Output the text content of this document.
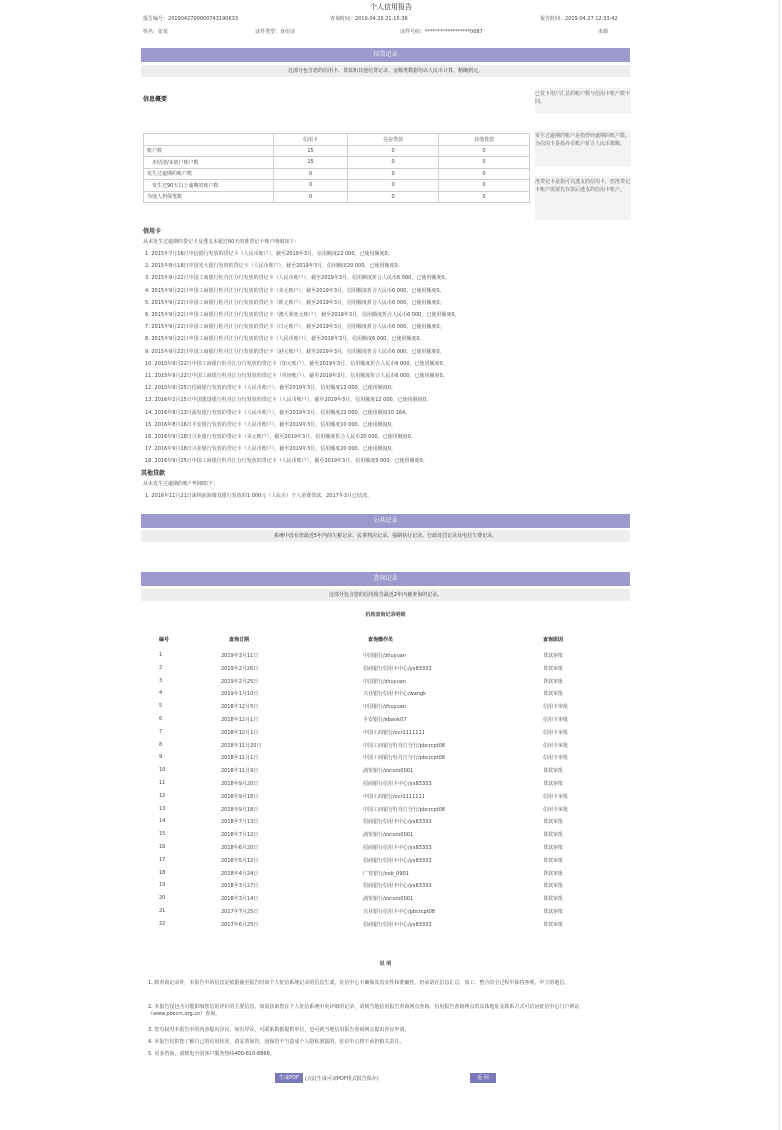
个人信用报告
报告编号：2019042700000743190633	查询时间：2019.04.26 21:15:36	报告时间：2019.04.27 12:33:42
姓名：张某	证件类型：身份证	证件号码：******************0087	未婚
信贷记录
这部分包含您的信用卡、贷款和其他信贷记录。金额类数据均以人民币计算，精确到元。
信息概要
已发卡用户汇总的账户数与信用卡账户数不同。
发生过逾期的账户是指曾经逾期的账户数。为信用卡是指外币账户折合人民币数额。
准贷记卡是指可以透支的信用卡，但准贷记卡账户需要先存款后透支的信用卡账户。
	信用卡	住房贷款	其他贷款
账户数	15	0	0
未结清/未销户账户数	15	0	0
发生过逾期的账户数	0	0	0
发生过90天以上逾期的账户数	0	0	0
为他人担保笔数	0	0	0
信用卡
从未发生过逾期的贷记卡及透支未超过60天的准贷记卡账户明细如下：
1. 2015年7月16日中信银行发放的贷记卡（人民币账户），截至2019年3月，信用额度22 000，已使用额度0。
2. 2015年8月18日中国光大银行发放的贷记卡（人民币账户），截至2019年3月，信用额度20 000，已使用额度0。
3. 2015年9月22日中国工商银行牡丹江分行发放的贷记卡（人民币账户），截至2019年3月，信用额度折合人民币6 000，已使用额度0。
4. 2015年9月22日中国工商银行牡丹江分行发放的贷记卡（美元账户），截至2019年3月，信用额度折合人民币6 000，已使用额度0。
5. 2015年9月22日中国工商银行牡丹江分行发放的贷记卡（欧元账户），截至2019年3月，信用额度折合人民币6 000，已使用额度0。
6. 2015年9月22日中国工商银行牡丹江分行发放的贷记卡（澳大利亚元账户），截至2019年3月，信用额度折合人民币6 000，已使用额度0。
7. 2015年9月22日中国工商银行牡丹江分行发放的贷记卡（日元账户），截至2019年3月，信用额度折合人民币6 000，已使用额度0。
8. 2015年9月22日中国工商银行牡丹江分行发放的贷记卡（人民币账户），截至2019年3月，信用额度6 000，已使用额度0。
9. 2015年9月22日中国工商银行牡丹江分行发放的贷记卡（港元账户），截至2019年3月，信用额度折合人民币6 000，已使用额度0。
10. 2015年9月22日中国工商银行牡丹江分行发放的贷记卡（加元账户），截至2019年3月，信用额度折合人民币6 000，已使用额度0。
11. 2015年9月22日中国工商银行牡丹江分行发放的贷记卡（英镑账户），截至2019年3月，信用额度折合人民币6 000，已使用额度0。
12. 2015年9月25日招商银行发放的贷记卡（人民币账户），截至2019年3月，信用额度12 000，已使用额度0。
13. 2016年2月15日中国建设银行牡丹江分行发放的贷记卡（人民币账户），截至2019年3月，信用额度12 000，已使用额度0。
14. 2016年8月13日浦发银行发放的贷记卡（人民币账户），截至2019年3月，信用额度22 000，已使用额度10 164。
15. 2016年8月16日平安银行发放的贷记卡（人民币账户），截至2019年3月，信用额度10 000，已使用额度0。
16. 2016年9月18日兴业银行发放的贷记卡（美元账户），截至2019年3月，信用额度折合人民币20 000，已使用额度0。
17. 2016年9月18日兴业银行发放的贷记卡（人民币账户），截至2019年3月，信用额度20 000，已使用额度0。
18. 2016年9月25日中国工商银行牡丹江分行发放的贷记卡（人民币账户），截至2019年3月，信用额度5 000，已使用额度0。
其他贷款
从未发生过逾期的账户明细如下：
1. 2016年11月21日深圳前海微众银行发放的1 000元（人民币）个人消费贷款，2017年3月已结清。
公共记录
系统中没有您最近5年内的欠税记录、民事判决记录、强制执行记录、行政处罚记录及电信欠费记录。
查询记录
这部分包含您的信用报告最近2年内被查询的记录。
机构查询记录明细
编号	查询日期	查询操作员	查询原因
1	2019年3月11日	中国银行/zhuyuan	贷款审批
2	2019年2月26日	招商银行信用卡中心/yx83333	贷款审批
3	2019年2月25日	中国银行/zhuyuan	贷款审批
4	2019年1月10日	兴业银行信用卡中心/wangk	贷款审批
5	2018年12月5日	中国银行/zhuyuan	信用卡审批
6	2018年12月1日	平安银行/ebank07	信用卡审批
7	2018年12月1日	中国工商银行/ocr1111111	信用卡审批
8	2018年11月20日	中国工商银行牡丹江分行/pbcrcpt08	信用卡审批
9	2018年11月1日	中国工商银行牡丹江分行/pbcrcpt08	信用卡审批
10	2018年11月9日	浦发银行/zxrxzz0001	贷款审批
11	2018年9月20日	招商银行信用卡中心/yx83333	贷款审批
12	2018年9月18日	中国工商银行/ocr1111111	信用卡审批
13	2018年9月18日	中国工商银行牡丹江分行/pbcrcpt08	信用卡审批
14	2018年7月13日	招商银行信用卡中心/yx83333	贷款审批
15	2018年7月12日	浦发银行/zxrxzz0001	贷款审批
16	2018年6月20日	招商银行信用卡中心/yx83333	贷款审批
17	2018年5月12日	招商银行信用卡中心/yx83333	贷款审批
18	2018年4月24日	广发银行/ceb_0901	贷款审批
19	2018年3月27日	招商银行信用卡中心/yx83333	贷款审批
20	2018年3月14日	浦发银行/zxrxzz0001	贷款审批
21	2017年7月25日	兴业银行信用卡中心/pbcrcpt08	贷款审批
22	2017年6月25日	招商银行信用卡中心/yx83333	贷款审批
说 明
1. 除查询记录外，本报告中的信息是依据截至报告时间个人征信系统记录的信息生成，征信中心不确保其真实性和准确性，但承诺在信息汇总、加工、整合的全过程中保持客观、中立的地位。
2. 本报告仅包含可能影响您信用评价的主要信息，如需获取您在个人征信系统中更详细的记录，请到当地信用报告查询网点查询。信用报告查询网点的具体地址及联系方式可访问征信中心门户网站（www.pbccrc.org.cn）查询。
3. 您有权对本报告中的内容提出异议。如有异议，可联系数据提供单位，也可到当地信用报告查询网点提出异议申请。
4. 本报告仅供您了解自己的信用状况，请妥善保管。因保管不当造成个人隐私泄露的，征信中心将不承担相关责任。
5. 更多咨询，请致电全国客户服务热线400-810-8866。
生成PDF	(点此生成可读PDF格式报告保存)	返 回
